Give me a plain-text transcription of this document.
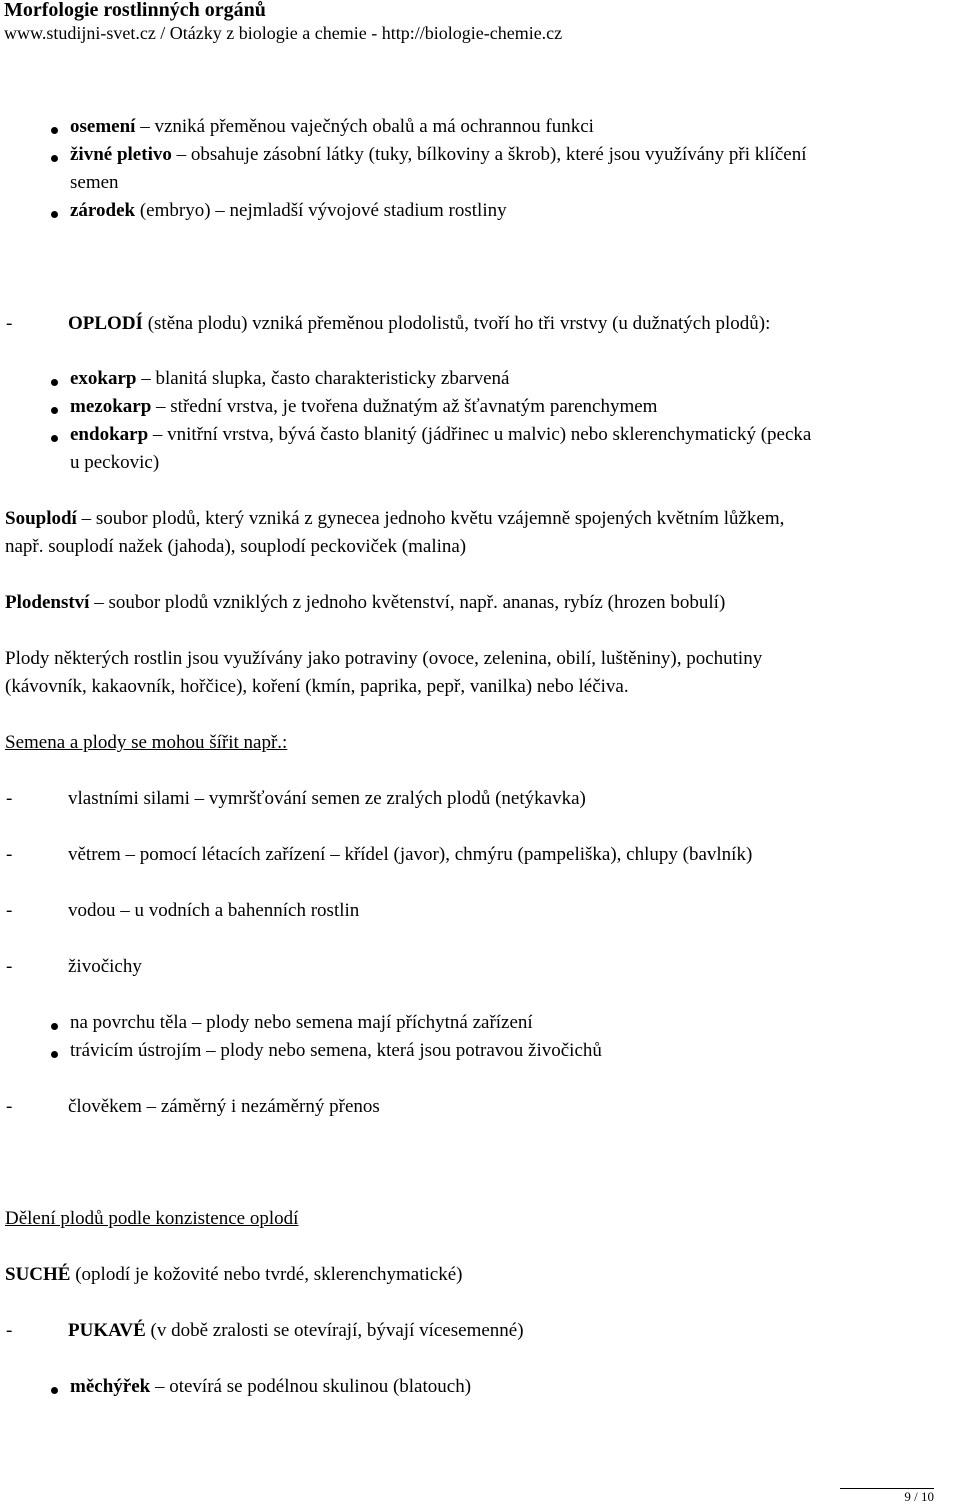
Morfologie rostlinných orgánů
www.studijni-svet.cz / Otázky z biologie a chemie - http://biologie-chemie.cz
osemení – vzniká přeměnou vaječných obalů a má ochrannou funkci
živné pletivo – obsahuje zásobní látky (tuky, bílkoviny a škrob), které jsou využívány při klíčení
semen
zárodek (embryo) – nejmladší vývojové stadium rostliny
-	OPLODÍ (stěna plodu) vzniká přeměnou plodolistů, tvoří ho tři vrstvy (u dužnatých plodů):
exokarp – blanitá slupka, často charakteristicky zbarvená
mezokarp – střední vrstva, je tvořena dužnatým až šťavnatým parenchymem
endokarp – vnitřní vrstva, bývá často blanitý (jádřinec u malvic) nebo sklerenchymatický (pecka
u peckovic)
Souplodí – soubor plodů, který vzniká z gynecea jednoho květu vzájemně spojených květním lůžkem,
např. souplodí nažek (jahoda), souplodí peckoviček (malina)
Plodenství – soubor plodů vzniklých z jednoho květenství, např. ananas, rybíz (hrozen bobulí)
Plody některých rostlin jsou využívány jako potraviny (ovoce, zelenina, obilí, luštěniny), pochutiny
(kávovník, kakaovník, hořčice), koření (kmín, paprika, pepř, vanilka) nebo léčiva.
Semena a plody se mohou šířit např.:
-	vlastními silami – vymršťování semen ze zralých plodů (netýkavka)
-	větrem – pomocí létacích zařízení – křídel (javor), chmýru (pampeliška), chlupy (bavlník)
-	vodou – u vodních a bahenních rostlin
-	živočichy
na povrchu těla – plody nebo semena mají příchytná zařízení
trávicím ústrojím – plody nebo semena, která jsou potravou živočichů
-	člověkem – záměrný i nezáměrný přenos
Dělení plodů podle konzistence oplodí
SUCHÉ (oplodí je kožovité nebo tvrdé, sklerenchymatické)
-	PUKAVÉ (v době zralosti se otevírají, bývají vícesemenné)
měchýřek – otevírá se podélnou skulinou (blatouch)
9 / 10
